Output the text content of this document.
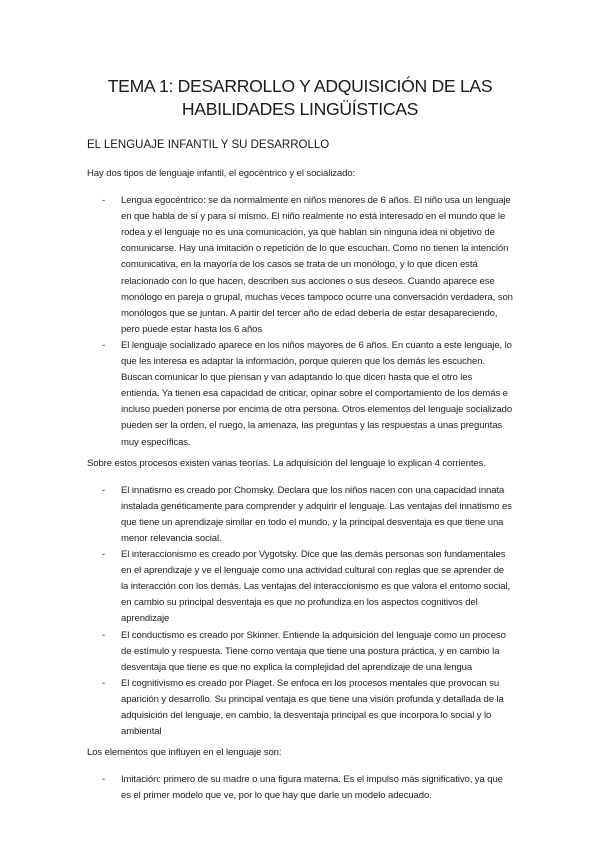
TEMA 1: DESARROLLO Y ADQUISICIÓN DE LAS HABILIDADES LINGÜÍSTICAS
EL LENGUAJE INFANTIL Y SU DESARROLLO

Hay dos tipos de lenguaje infantil, el egocéntrico y el socializado:

- Lengua egocéntrico: se da normalmente en niños menores de 6 años. El niño usa un lenguaje en que habla de sí y para sí mismo. El niño realmente no está interesado en el mundo que le rodea y el lenguaje no es una comunicación, ya que hablan sin ninguna idea ni objetivo de comunicarse. Hay una imitación o repetición de lo que escuchan. Como no tienen la intención comunicativa, en la mayoría de los casos se trata de un monólogo, y lo que dicen está relacionado con lo que hacen, describen sus acciones o sus deseos. Cuando aparece ese monólogo en pareja o grupal, muchas veces tampoco ocurre una conversación verdadera, son monólogos que se juntan. A partir del tercer año de edad debería de estar desapareciendo, pero puede estar hasta los 6 años
- El lenguaje socializado aparece en los niños mayores de 6 años. En cuanto a este lenguaje, lo que les interesa es adaptar la información, porque quieren que los demás les escuchen. Buscan comunicar lo que piensan y van adaptando lo que dicen hasta que el otro les entienda. Ya tienen esa capacidad de criticar, opinar sobre el comportamiento de los demás e incluso pueden ponerse por encima de otra persona. Otros elementos del lenguaje socializado pueden ser la orden, el ruego, la amenaza, las preguntas y las respuestas a unas preguntas muy específicas.

Sobre estos procesos existen varias teorías. La adquisición del lenguaje lo explican 4 corrientes.

- El innatismo es creado por Chomsky. Declara que los niños nacen con una capacidad innata instalada genéticamente para comprender y adquirir el lenguaje. Las ventajas del innatismo es que tiene un aprendizaje similar en todo el mundo, y la principal desventaja es que tiene una menor relevancia social.
- El interaccionismo es creado por Vygotsky. Dice que las demás personas son fundamentales en el aprendizaje y ve el lenguaje como una actividad cultural con reglas que se aprender de la interacción con los demás. Las ventajas del interaccionismo es que valora el entorno social, en cambio su principal desventaja es que no profundiza en los aspectos cognitivos del aprendizaje
- El conductismo es creado por Skinner. Entiende la adquisición del lenguaje como un proceso de estímulo y respuesta. Tiene como ventaja que tiene una postura práctica, y en cambio la desventaja que tiene es que no explica la complejidad del aprendizaje de una lengua
- El cognitivismo es creado por Piaget. Se enfoca en los procesos mentales que provocan su aparición y desarrollo. Su principal ventaja es que tiene una visión profunda y detallada de la adquisición del lenguaje, en cambio, la desventaja principal es que incorpora lo social y lo ambiental

Los elementos que influyen en el lenguaje son:

- Imitación: primero de su madre o una figura materna. Es el impulso más significativo, ya que es el primer modelo que ve, por lo que hay que darle un modelo adecuado.
